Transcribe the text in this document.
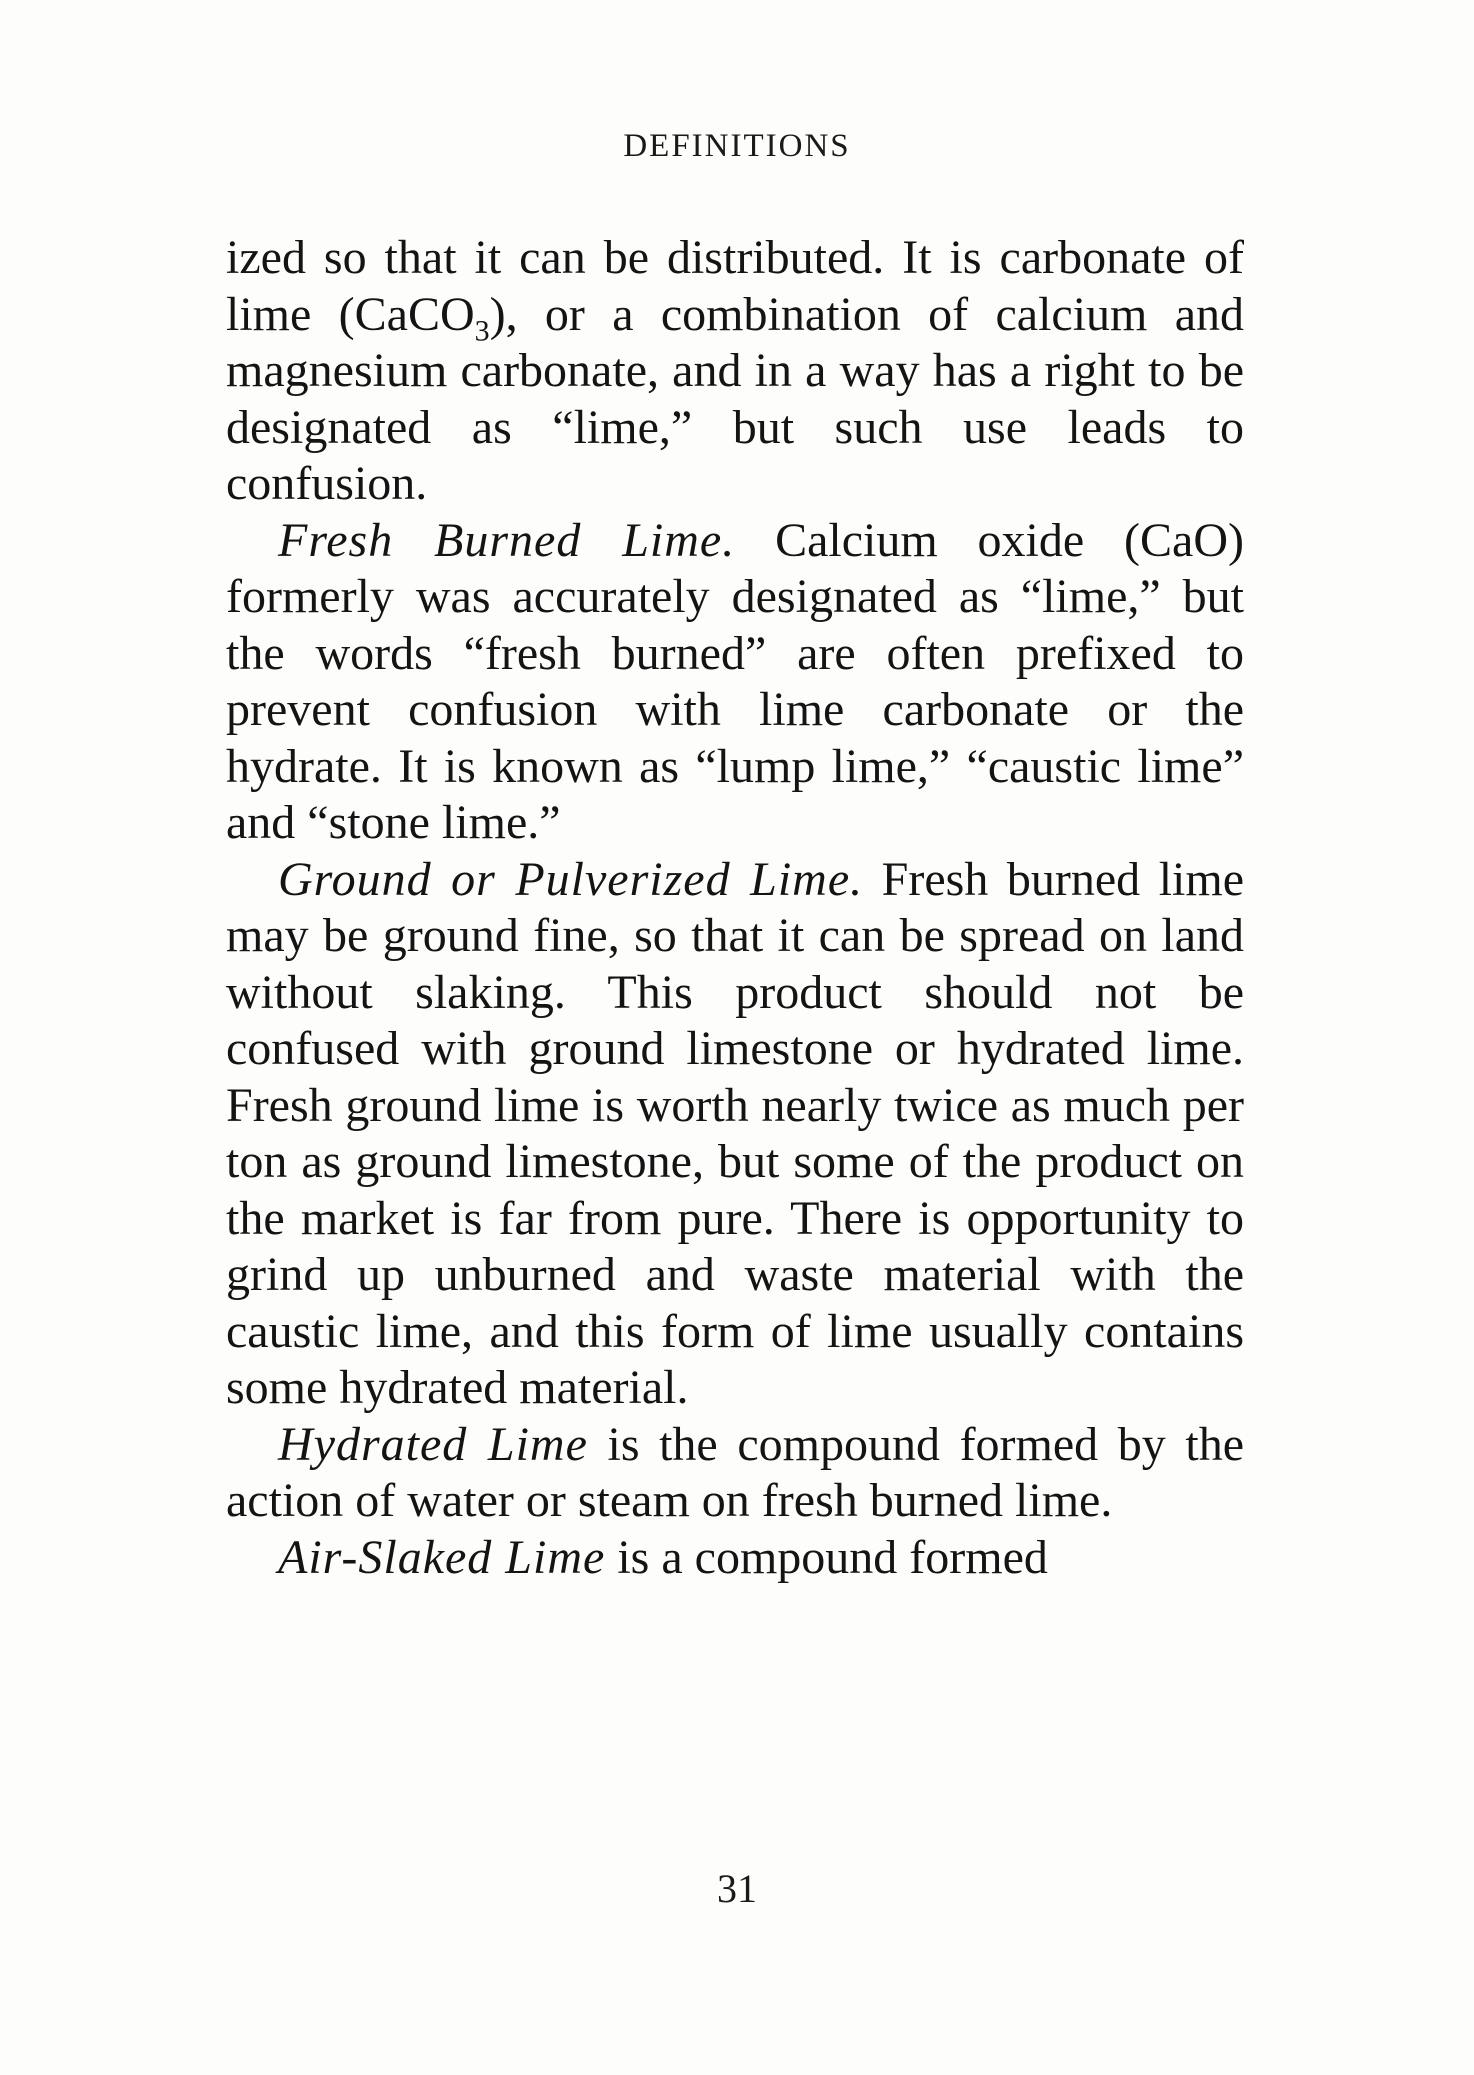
DEFINITIONS

ized so that it can be distributed. It is carbonate of lime (CaCO$_3$), or a combination of calcium and magnesium carbonate, and in a way has a right to be designated as “lime,” but such use leads to confusion.

Fresh Burned Lime. Calcium oxide (CaO) formerly was accurately designated as “lime,” but the words “fresh burned” are often prefixed to prevent confusion with lime carbonate or the hydrate. It is known as “lump lime,” “caustic lime” and “stone lime.”

Ground or Pulverized Lime. Fresh burned lime may be ground fine, so that it can be spread on land without slaking. This product should not be confused with ground limestone or hydrated lime. Fresh ground lime is worth nearly twice as much per ton as ground limestone, but some of the product on the market is far from pure. There is opportunity to grind up unburned and waste material with the caustic lime, and this form of lime usually contains some hydrated material.

Hydrated Lime is the compound formed by the action of water or steam on fresh burned lime.

Air-Slaked Lime is a compound formed

31
